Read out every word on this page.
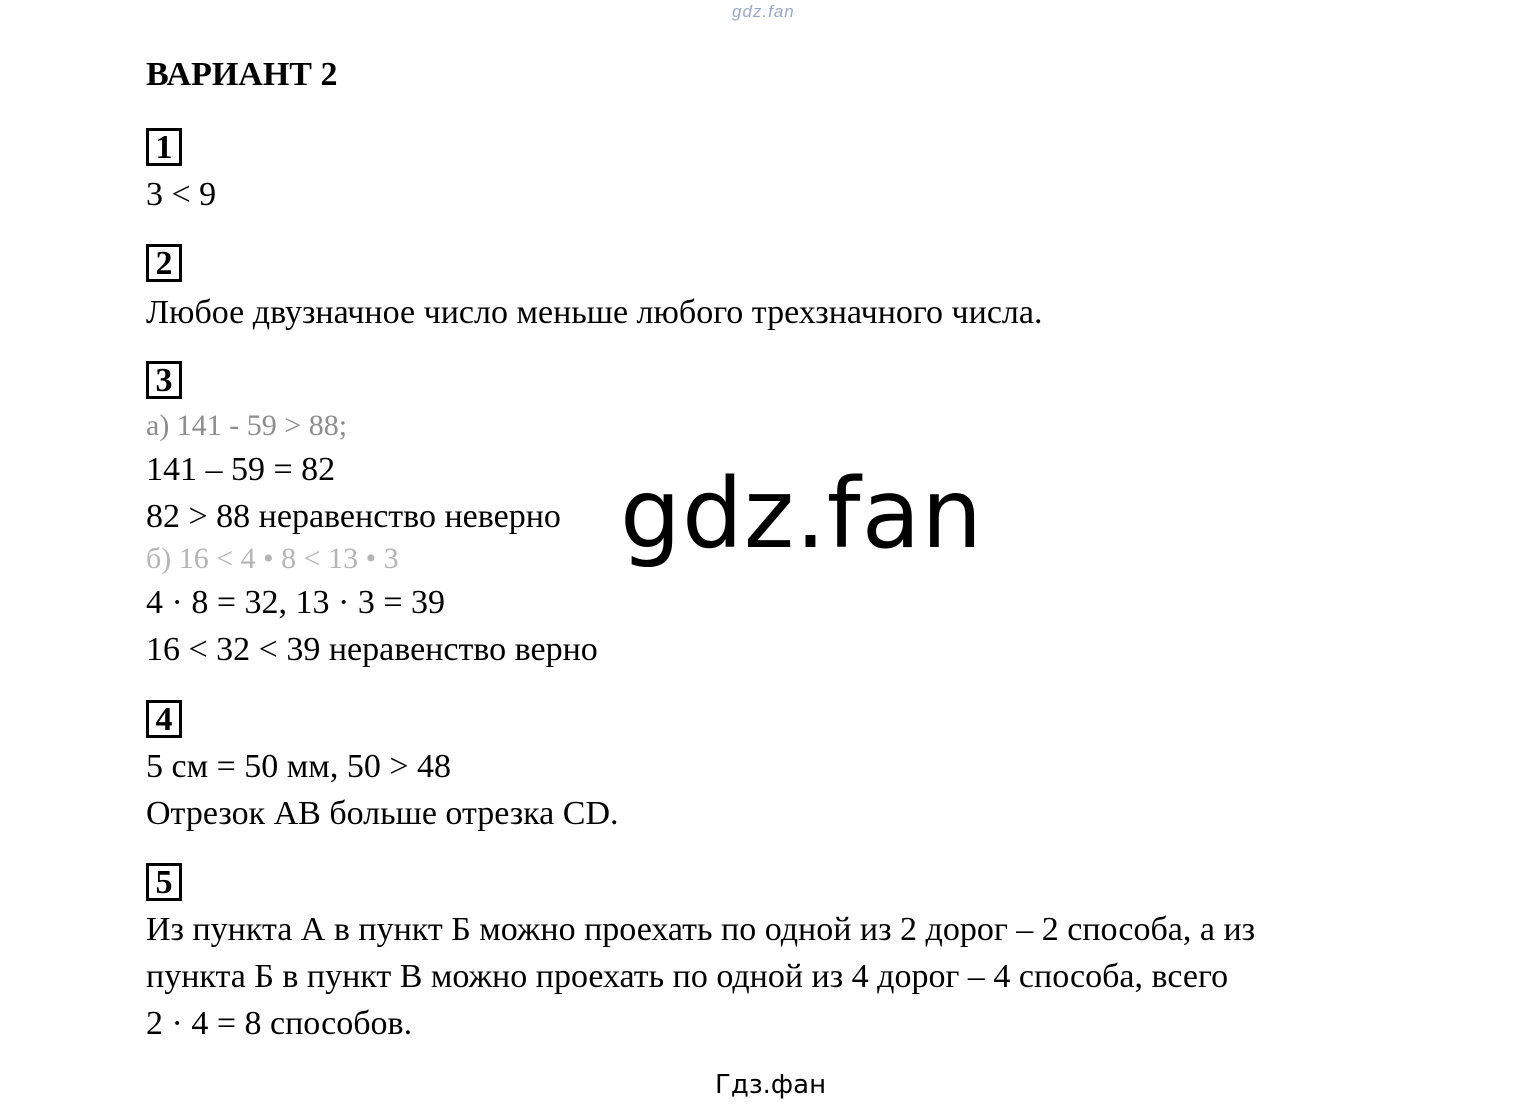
gdz.fan
ВАРИАНТ 2
1
3 < 9
2
Любое двузначное число меньше любого трехзначного числа.
3
а) 141 - 59 > 88;
141 – 59 = 82
82 > 88 неравенство неверно
б) 16 < 4 • 8 < 13 • 3
4 · 8 = 32, 13 · 3 = 39
16 < 32 < 39 неравенство верно
4
5 см = 50 мм, 50 > 48
Отрезок АВ больше отрезка CD.
5
Из пункта А в пункт Б можно проехать по одной из 2 дорог – 2 способа, а из
пункта Б в пункт В можно проехать по одной из 4 дорог – 4 способа, всего
2 · 4 = 8 способов.
gdz.fan
Гдз.фан
